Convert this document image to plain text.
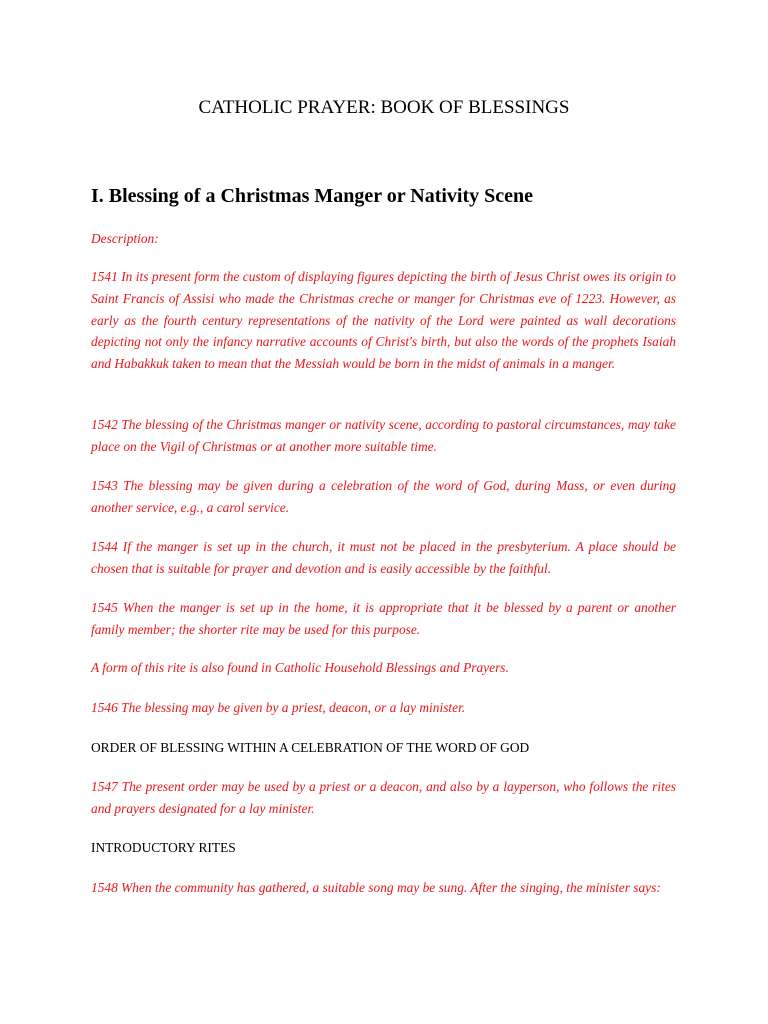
CATHOLIC PRAYER: BOOK OF BLESSINGS
I. Blessing of a Christmas Manger or Nativity Scene

Description:

1541 In its present form the custom of displaying figures depicting the birth of Jesus Christ owes its origin to Saint Francis of Assisi who made the Christmas creche or manger for Christmas eve of 1223. However, as early as the fourth century representations of the nativity of the Lord were painted as wall decorations depicting not only the infancy narrative accounts of Christ's birth, but also the words of the prophets Isaiah and Habakkuk taken to mean that the Messiah would be born in the midst of animals in a manger.

1542 The blessing of the Christmas manger or nativity scene, according to pastoral circumstances, may take place on the Vigil of Christmas or at another more suitable time.

1543 The blessing may be given during a celebration of the word of God, during Mass, or even during another service, e.g., a carol service.

1544 If the manger is set up in the church, it must not be placed in the presbyterium. A place should be chosen that is suitable for prayer and devotion and is easily accessible by the faithful.

1545 When the manger is set up in the home, it is appropriate that it be blessed by a parent or another family member; the shorter rite may be used for this purpose.

A form of this rite is also found in Catholic Household Blessings and Prayers.

1546 The blessing may be given by a priest, deacon, or a lay minister.

ORDER OF BLESSING WITHIN A CELEBRATION OF THE WORD OF GOD

1547 The present order may be used by a priest or a deacon, and also by a layperson, who follows the rites and prayers designated for a lay minister.

INTRODUCTORY RITES

1548 When the community has gathered, a suitable song may be sung. After the singing, the minister says:
